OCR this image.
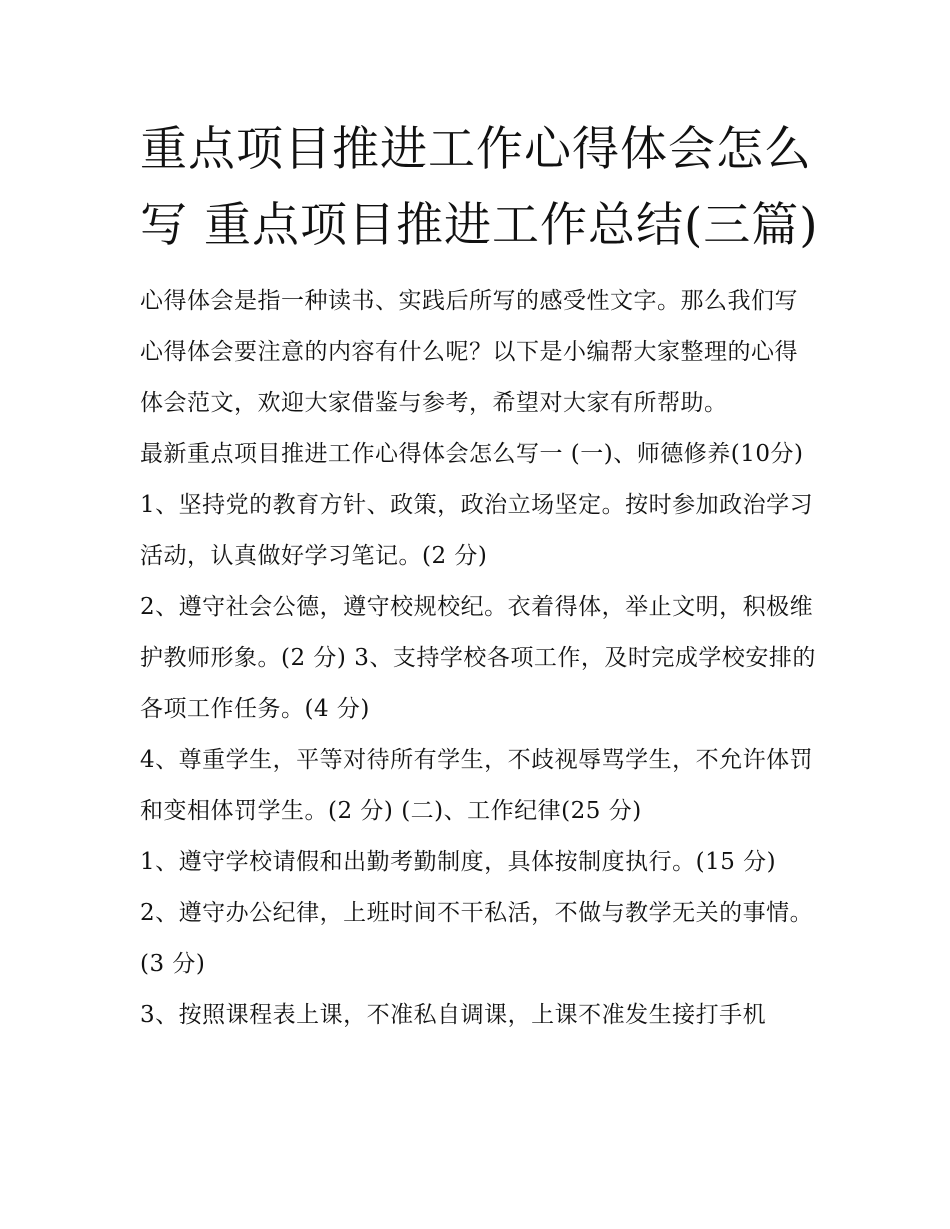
重点项目推进工作心得体会怎么写 重点项目推进工作总结(三篇)

心得体会是指一种读书、实践后所写的感受性文字。那么我们写心得体会要注意的内容有什么呢？以下是小编帮大家整理的心得体会范文，欢迎大家借鉴与参考，希望对大家有所帮助。

最新重点项目推进工作心得体会怎么写一 (一)、师德修养(10分) 1、坚持党的教育方针、政策，政治立场坚定。按时参加政治学习活动，认真做好学习笔记。(2 分)

2、遵守社会公德，遵守校规校纪。衣着得体，举止文明，积极维护教师形象。(2 分) 3、支持学校各项工作，及时完成学校安排的各项工作任务。(4 分)

4、尊重学生，平等对待所有学生，不歧视辱骂学生，不允许体罚和变相体罚学生。(2 分) (二)、工作纪律(25 分)

1、遵守学校请假和出勤考勤制度，具体按制度执行。(15 分)

2、遵守办公纪律，上班时间不干私活，不做与教学无关的事情。(3 分)

3、按照课程表上课，不准私自调课，上课不准发生接打手机
